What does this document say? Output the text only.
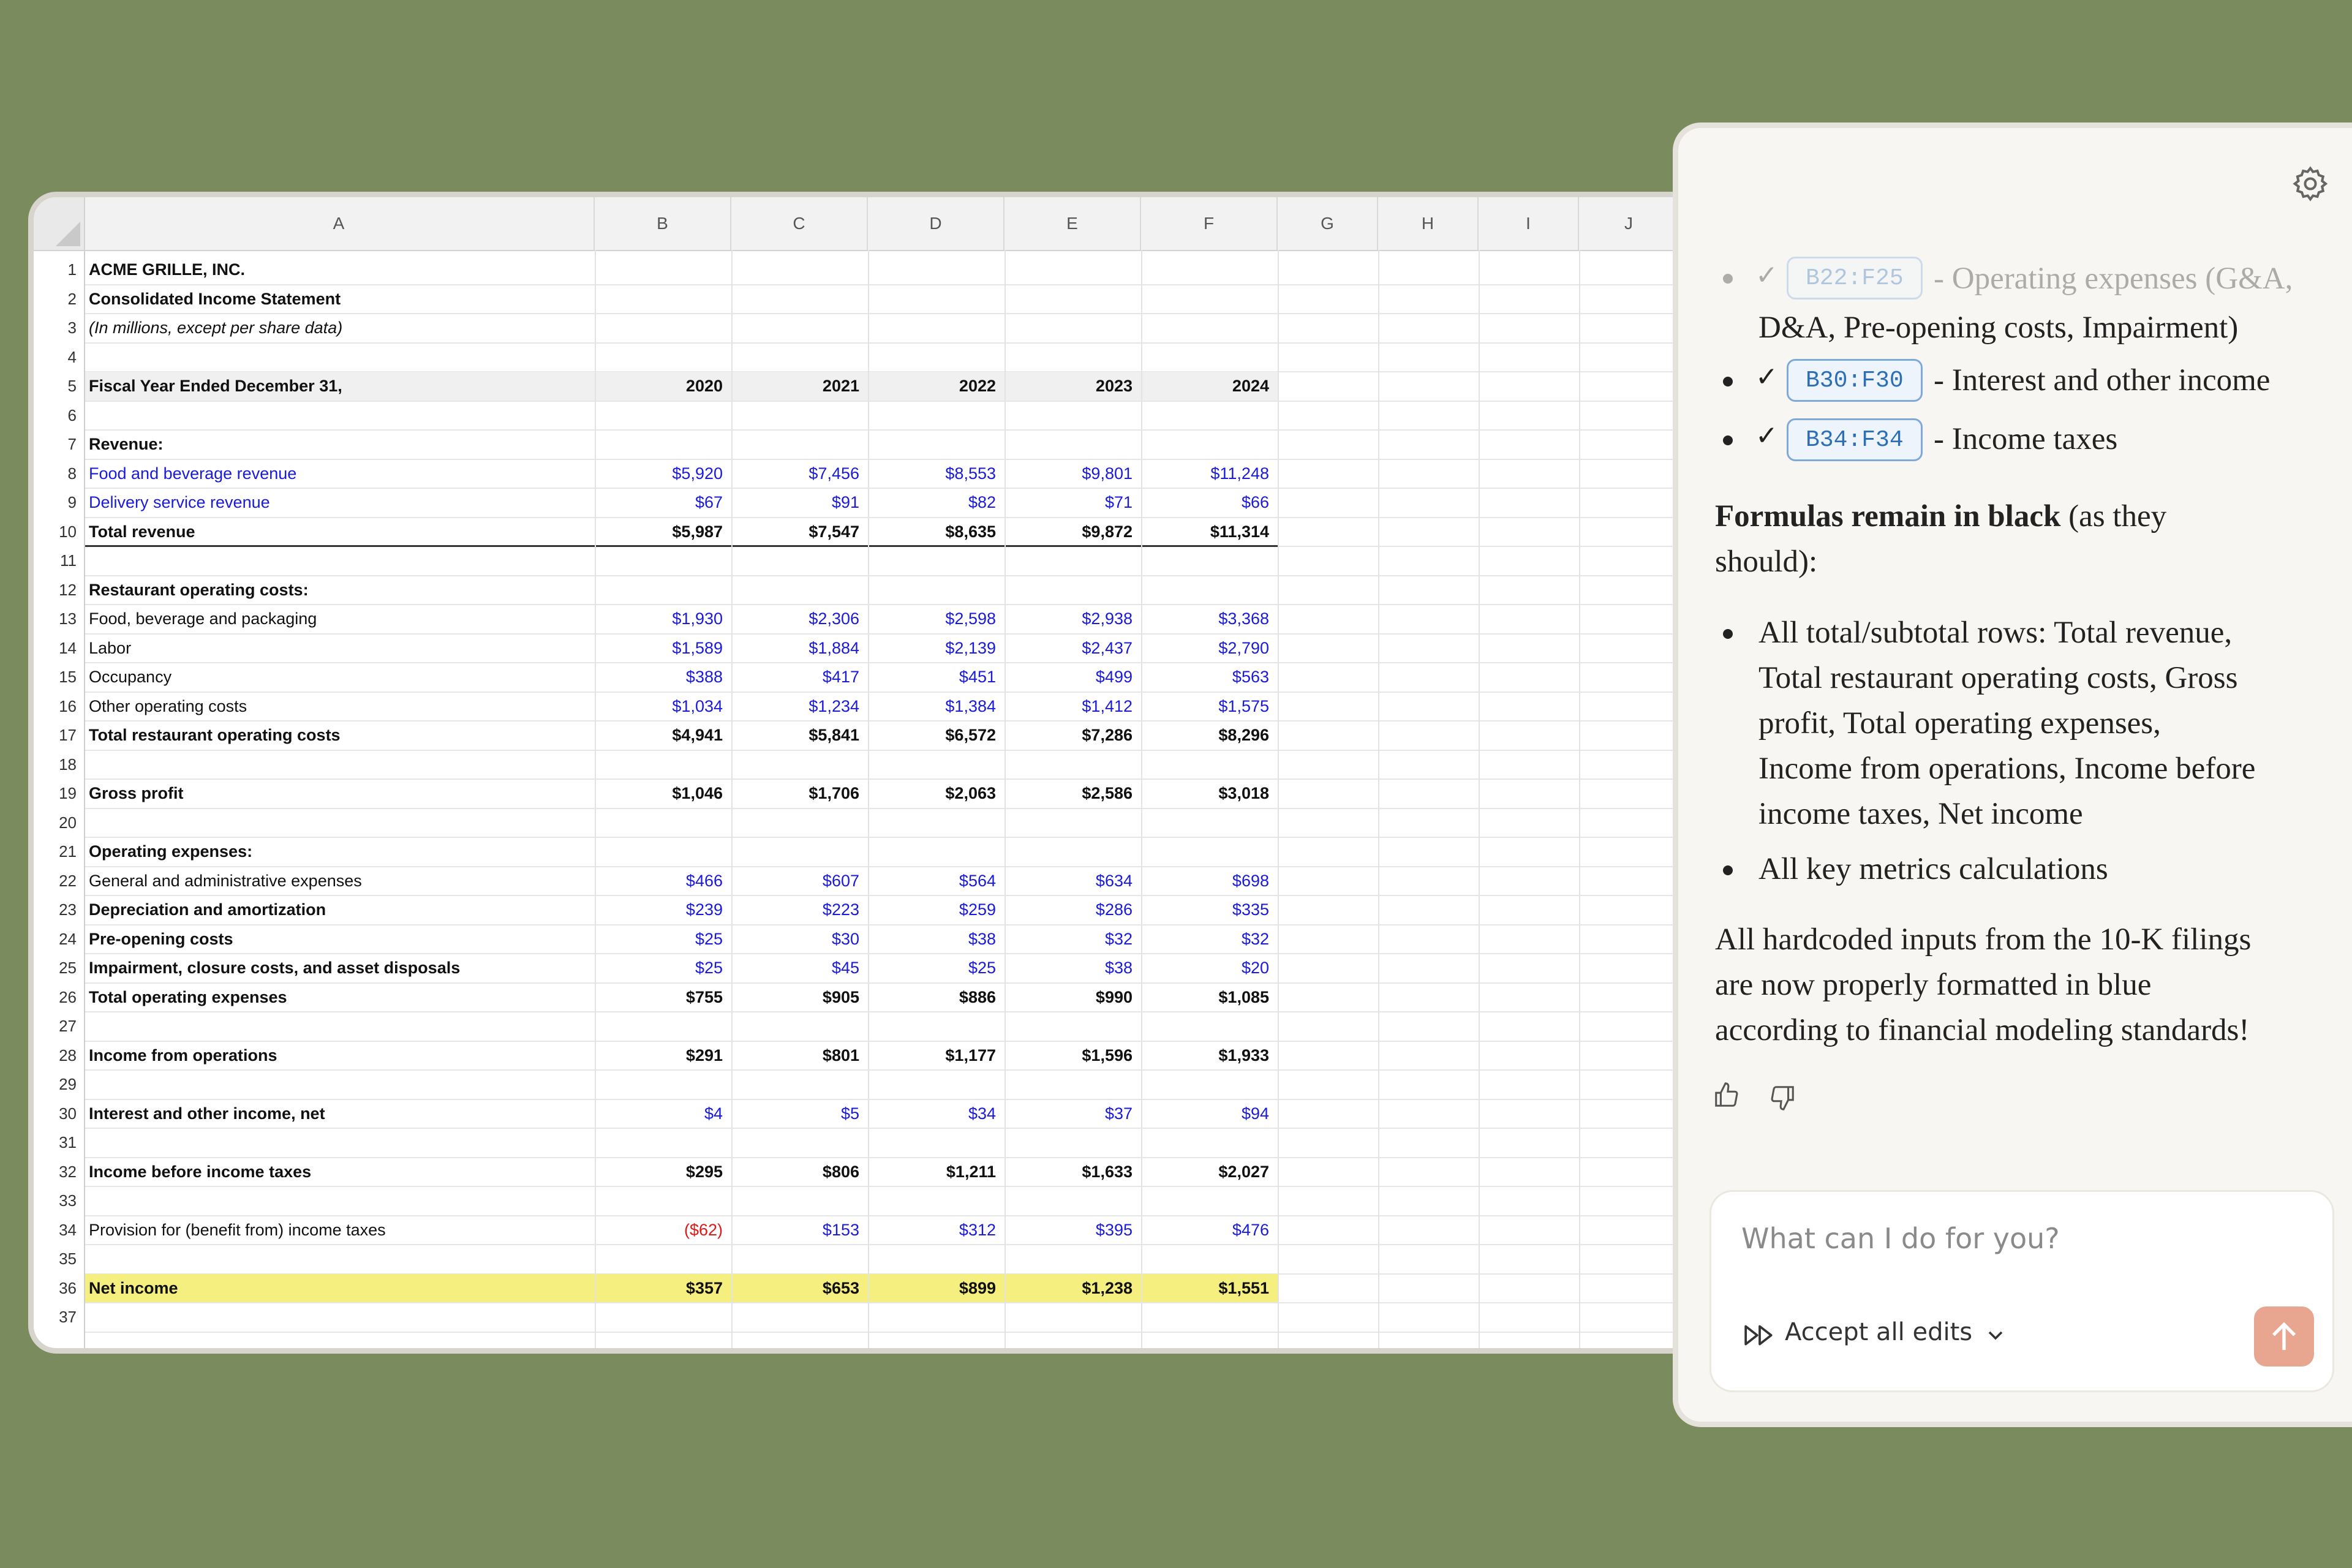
A	B	C	D	E	F	G	H	I	J
1 ACME GRILLE, INC.
2 Consolidated Income Statement
3 (In millions, except per share data)
4
5 Fiscal Year Ended December 31,	2020	2021	2022	2023	2024
6
7 Revenue:
8 Food and beverage revenue	$5,920	$7,456	$8,553	$9,801	$11,248
9 Delivery service revenue	$67	$91	$82	$71	$66
10 Total revenue	$5,987	$7,547	$8,635	$9,872	$11,314
11
12 Restaurant operating costs:
13 Food, beverage and packaging	$1,930	$2,306	$2,598	$2,938	$3,368
14 Labor	$1,589	$1,884	$2,139	$2,437	$2,790
15 Occupancy	$388	$417	$451	$499	$563
16 Other operating costs	$1,034	$1,234	$1,384	$1,412	$1,575
17 Total restaurant operating costs	$4,941	$5,841	$6,572	$7,286	$8,296
18
19 Gross profit	$1,046	$1,706	$2,063	$2,586	$3,018
20
21 Operating expenses:
22 General and administrative expenses	$466	$607	$564	$634	$698
23 Depreciation and amortization	$239	$223	$259	$286	$335
24 Pre-opening costs	$25	$30	$38	$32	$32
25 Impairment, closure costs, and asset disposals	$25	$45	$25	$38	$20
26 Total operating expenses	$755	$905	$886	$990	$1,085
27
28 Income from operations	$291	$801	$1,177	$1,596	$1,933
29
30 Interest and other income, net	$4	$5	$34	$37	$94
31
32 Income before income taxes	$295	$806	$1,211	$1,633	$2,027
33
34 Provision for (benefit from) income taxes	($62)	$153	$312	$395	$476
35
36 Net income	$357	$653	$899	$1,238	$1,551
37
✓	B22:F25 - Operating expenses (G&A,
D&A, Pre-opening costs, Impairment)
✓	B30:F30 - Interest and other income
✓	B34:F34 - Income taxes
Formulas remain in black (as they
should):
All total/subtotal rows: Total revenue,
Total restaurant operating costs, Gross
profit, Total operating expenses,
Income from operations, Income before
income taxes, Net income
All key metrics calculations
All hardcoded inputs from the 10-K filings
are now properly formatted in blue
according to financial modeling standards!
What can I do for you?
Accept all edits
